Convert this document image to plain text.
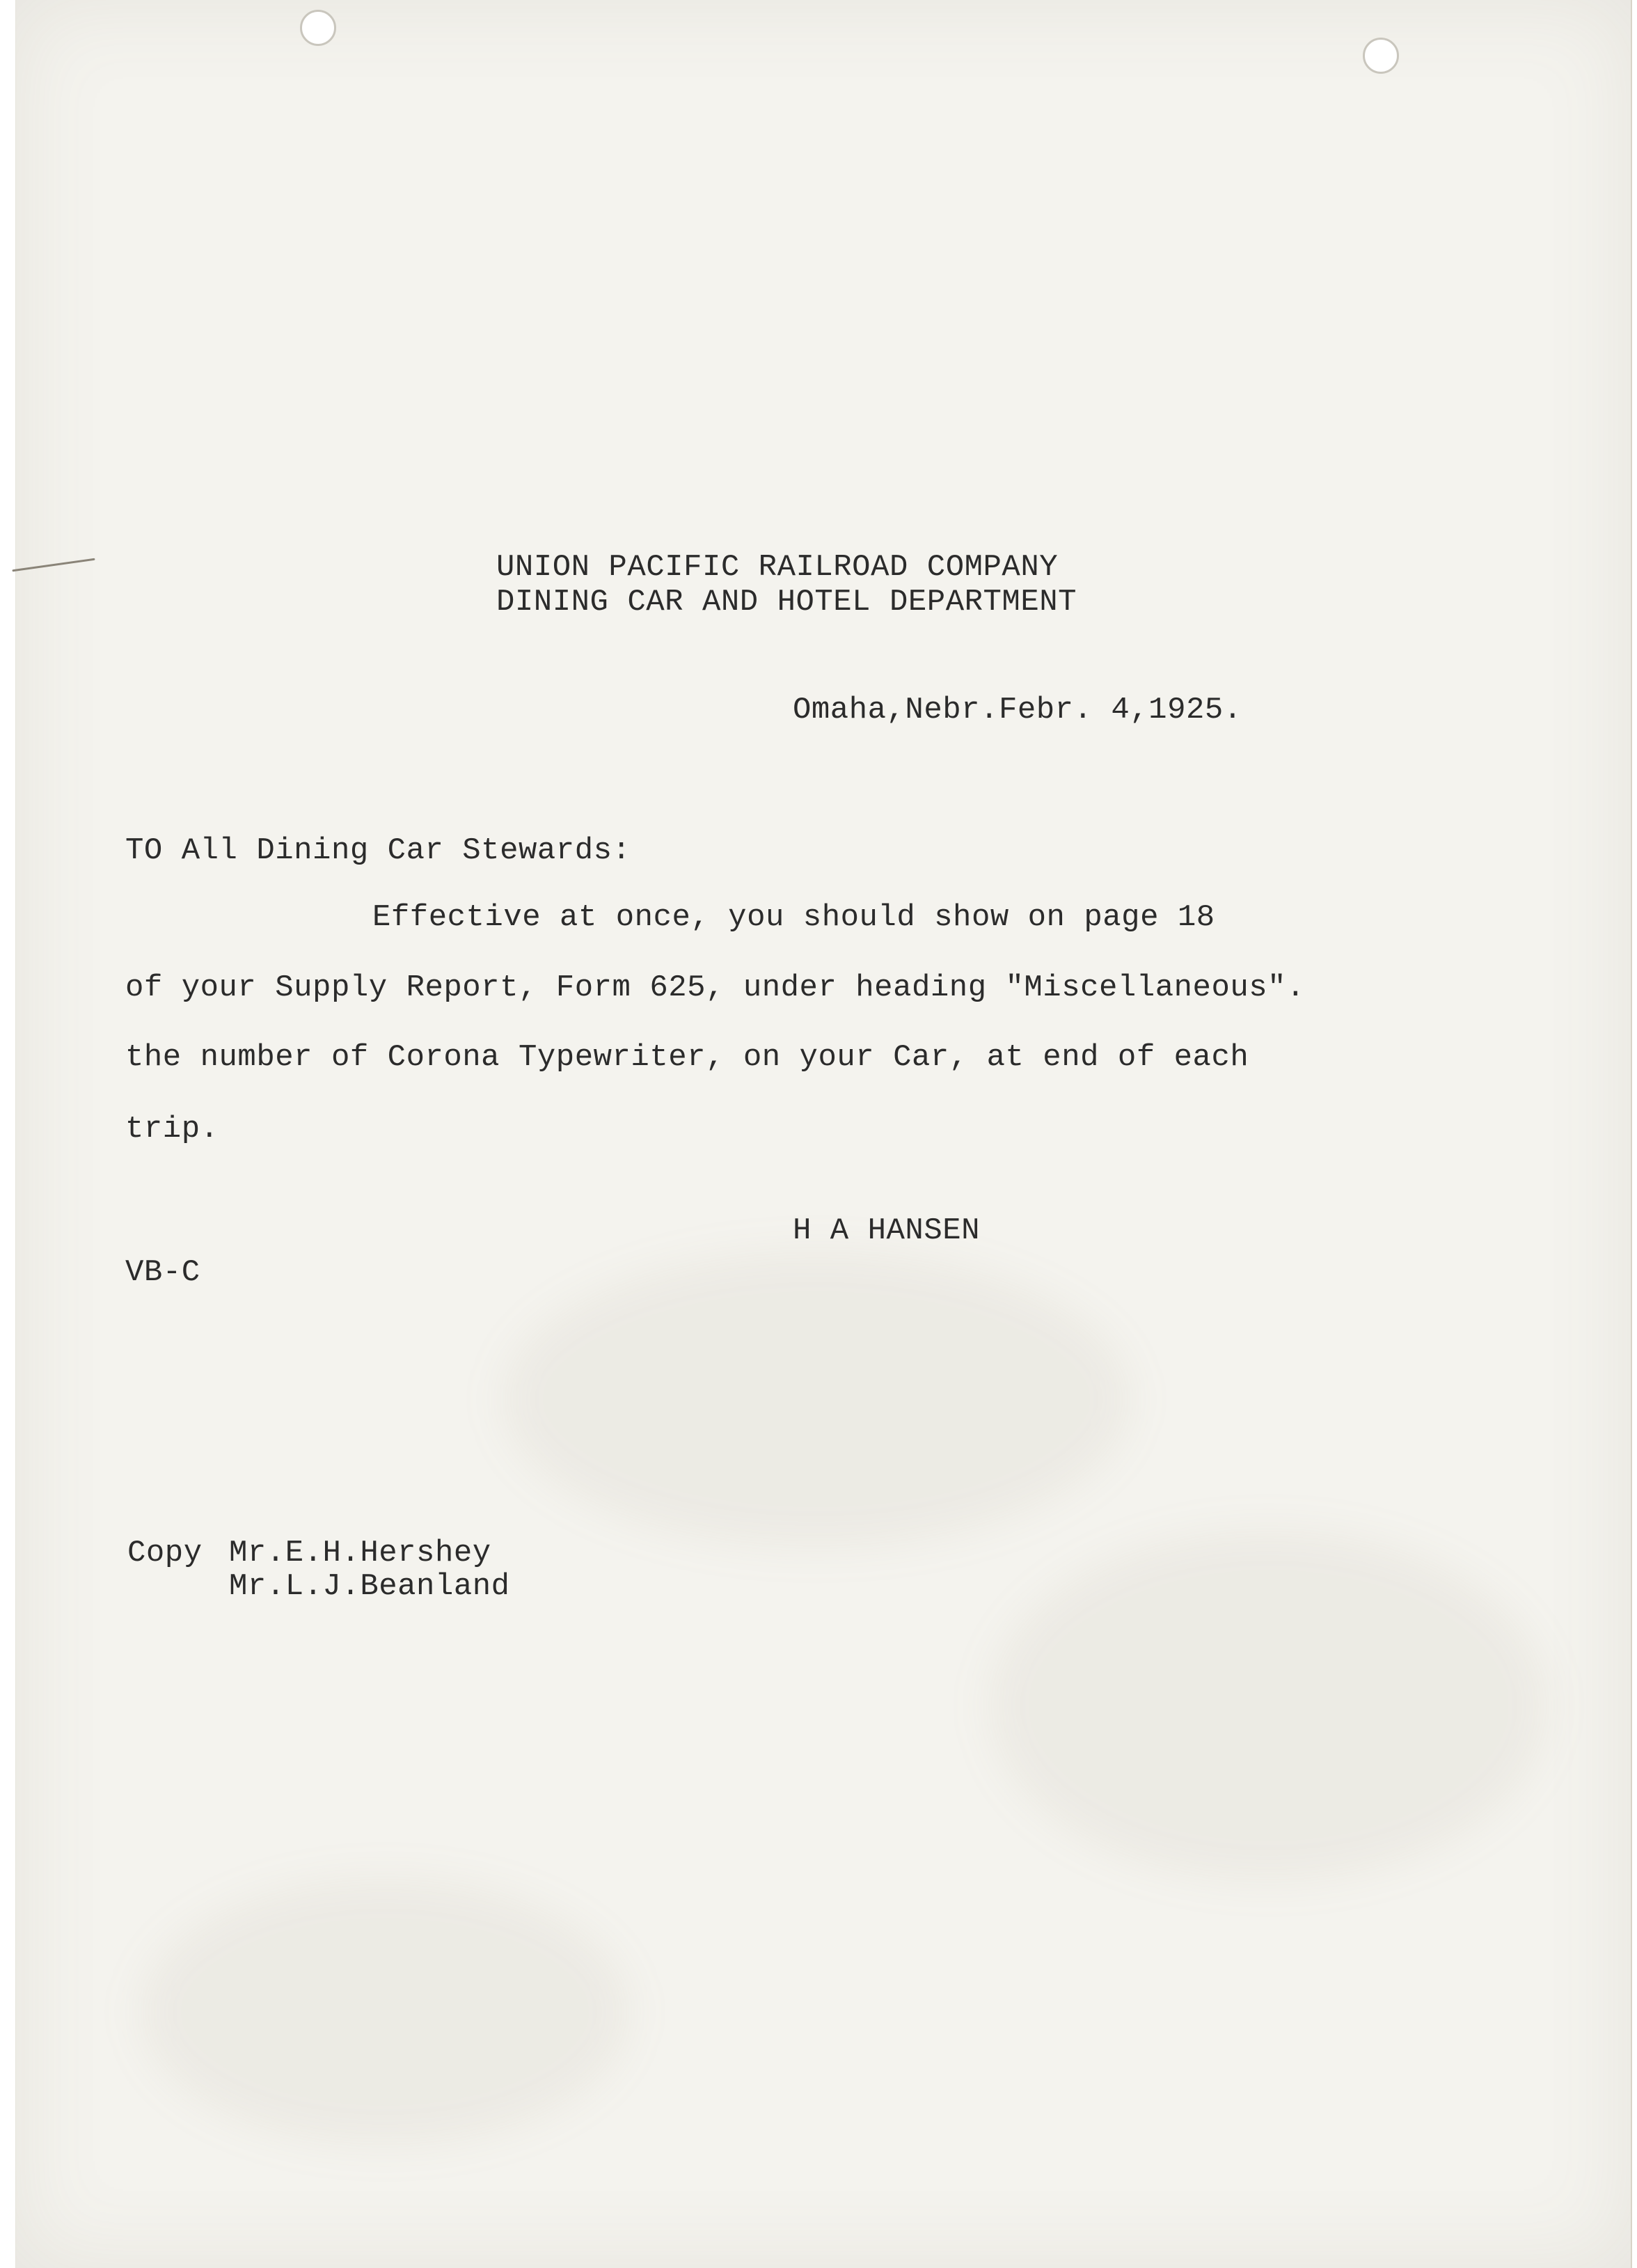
UNION PACIFIC RAILROAD COMPANY

DINING CAR AND HOTEL DEPARTMENT

Omaha,Nebr.Febr. 4,1925.

TO All Dining Car Stewards:

Effective at once, you should show on page 18

of your Supply Report, Form 625, under heading "Miscellaneous".

the number of Corona Typewriter, on your Car, at end of each

trip.

H A HANSEN

VB-C

Copy Mr.E.H.Hershey

Mr.L.J.Beanland
